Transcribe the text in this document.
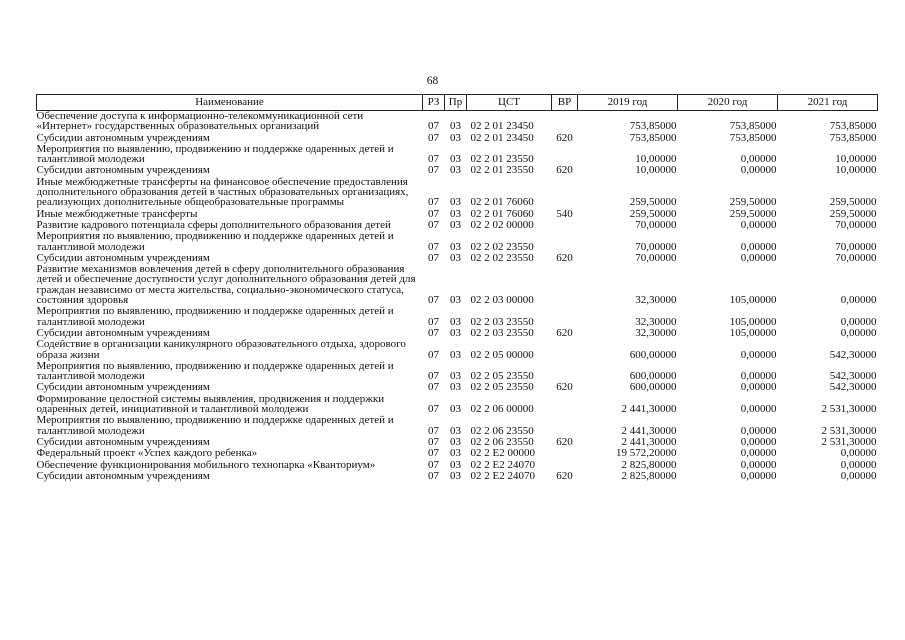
68
Наименование	РЗ	Пр	ЦСТ	ВР	2019 год	2020 год	2021 год
Обеспечение доступа к информационно-телекоммуникационной сети «Интернет» государственных образовательных организаций	07	03	02 2 01 23450		753,85000	753,85000	753,85000
Субсидии автономным учреждениям	07	03	02 2 01 23450	620	753,85000	753,85000	753,85000
Мероприятия по выявлению, продвижению и поддержке одаренных детей и талантливой молодежи	07	03	02 2 01 23550		10,00000	0,00000	10,00000
Субсидии автономным учреждениям	07	03	02 2 01 23550	620	10,00000	0,00000	10,00000
Иные межбюджетные трансферты на финансовое обеспечение предоставления дополнительного образования детей в частных образовательных организациях, реализующих дополнительные общеобразовательные программы	07	03	02 2 01 76060		259,50000	259,50000	259,50000
Иные межбюджетные трансферты	07	03	02 2 01 76060	540	259,50000	259,50000	259,50000
Развитие кадрового потенциала сферы дополнительного образования детей	07	03	02 2 02 00000		70,00000	0,00000	70,00000
Мероприятия по выявлению, продвижению и поддержке одаренных детей и талантливой молодежи	07	03	02 2 02 23550		70,00000	0,00000	70,00000
Субсидии автономным учреждениям	07	03	02 2 02 23550	620	70,00000	0,00000	70,00000
Развитие механизмов вовлечения детей в сферу дополнительного образования детей и обеспечение доступности услуг дополнительного образования детей для граждан независимо от места жительства, социально-экономического статуса, состояния здоровья	07	03	02 2 03 00000		32,30000	105,00000	0,00000
Мероприятия по выявлению, продвижению и поддержке одаренных детей и талантливой молодежи	07	03	02 2 03 23550		32,30000	105,00000	0,00000
Субсидии автономным учреждениям	07	03	02 2 03 23550	620	32,30000	105,00000	0,00000
Содействие в организации каникулярного образовательного отдыха, здорового образа жизни	07	03	02 2 05 00000		600,00000	0,00000	542,30000
Мероприятия по выявлению, продвижению и поддержке одаренных детей и талантливой молодежи	07	03	02 2 05 23550		600,00000	0,00000	542,30000
Субсидии автономным учреждениям	07	03	02 2 05 23550	620	600,00000	0,00000	542,30000
Формирование целостной системы выявления, продвижения и поддержки одаренных детей, инициативной и талантливой молодежи	07	03	02 2 06 00000		2 441,30000	0,00000	2 531,30000
Мероприятия по выявлению, продвижению и поддержке одаренных детей и талантливой молодежи	07	03	02 2 06 23550		2 441,30000	0,00000	2 531,30000
Субсидии автономным учреждениям	07	03	02 2 06 23550	620	2 441,30000	0,00000	2 531,30000
Федеральный проект «Успех каждого ребенка»	07	03	02 2 E2 00000		19 572,20000	0,00000	0,00000
Обеспечение функционирования мобильного технопарка «Кванториум»	07	03	02 2 E2 24070		2 825,80000	0,00000	0,00000
Субсидии автономным учреждениям	07	03	02 2 E2 24070	620	2 825,80000	0,00000	0,00000
